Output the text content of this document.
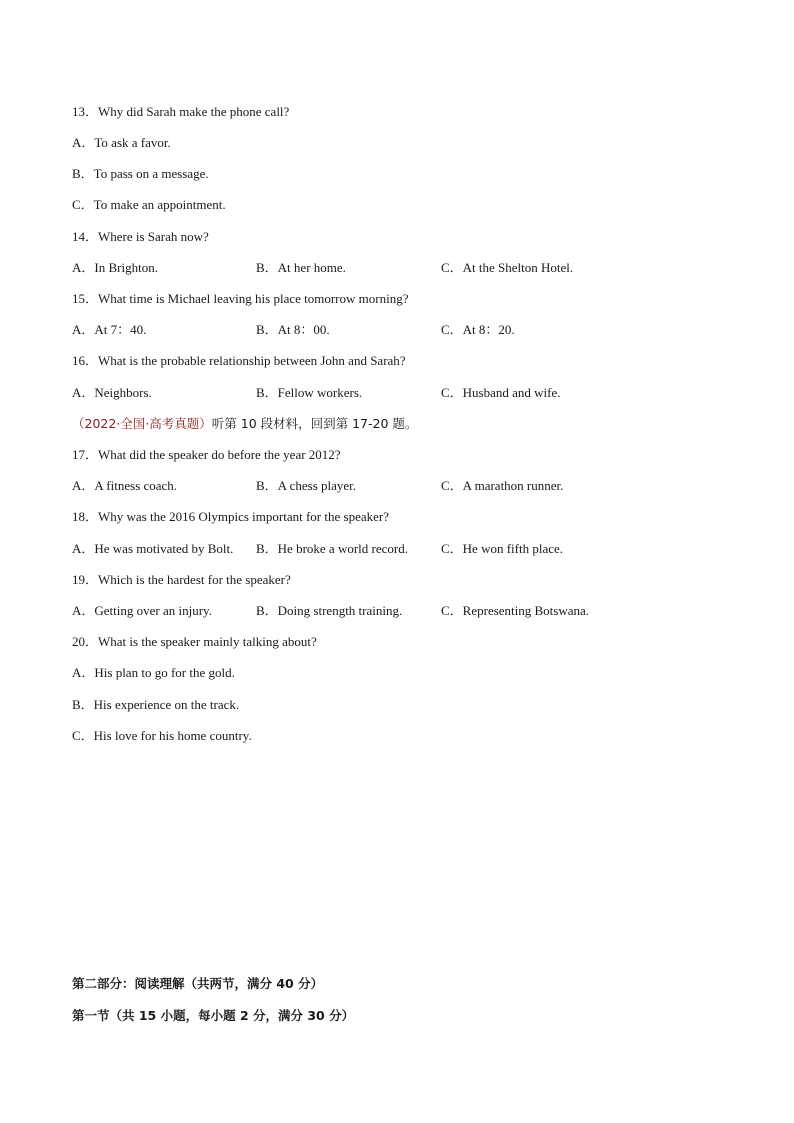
13．Why did Sarah make the phone call?
A．To ask a favor.
B．To pass on a message.
C．To make an appointment.
14．Where is Sarah now?
A．In Brighton.	B．At her home.	C．At the Shelton Hotel.
15．What time is Michael leaving his place tomorrow morning?
A．At 7：40.	B．At 8：00.	C．At 8：20.
16．What is the probable relationship between John and Sarah?
A．Neighbors.	B．Fellow workers.	C．Husband and wife.
（2022·全国·高考真题）听第 10 段材料，回到第 17-20 题。
17．What did the speaker do before the year 2012?
A．A fitness coach.	B．A chess player.	C．A marathon runner.
18．Why was the 2016 Olympics important for the speaker?
A．He was motivated by Bolt. B．He broke a world record.	C．He won fifth place.
19．Which is the hardest for the speaker?
A．Getting over an injury.	B．Doing strength training.	C．Representing Botswana.
20．What is the speaker mainly talking about?
A．His plan to go for the gold.
B．His experience on the track.
C．His love for his home country.
第二部分：阅读理解（共两节，满分 40 分）
第一节（共 15 小题，每小题 2 分，满分 30 分）
